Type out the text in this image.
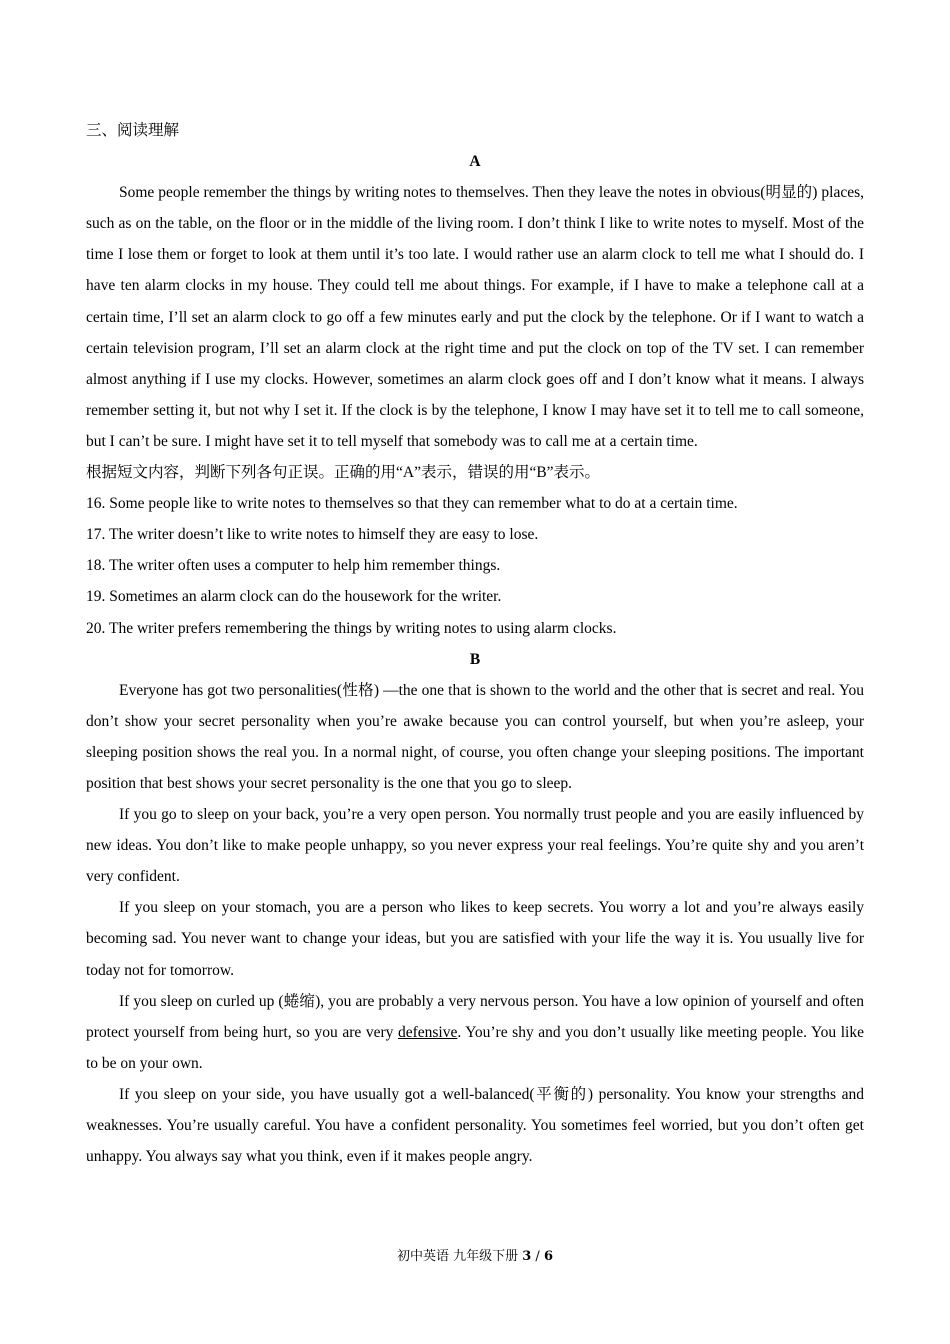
三、阅读理解
A

Some people remember the things by writing notes to themselves. Then they leave the notes in obvious(明显的) places, such as on the table, on the floor or in the middle of the living room. I don’t think I like to write notes to myself. Most of the time I lose them or forget to look at them until it’s too late. I would rather use an alarm clock to tell me what I should do. I have ten alarm clocks in my house. They could tell me about things. For example, if I have to make a telephone call at a certain time, I’ll set an alarm clock to go off a few minutes early and put the clock by the telephone. Or if I want to watch a certain television program, I’ll set an alarm clock at the right time and put the clock on top of the TV set. I can remember almost anything if I use my clocks. However, sometimes an alarm clock goes off and I don’t know what it means. I always remember setting it, but not why I set it. If the clock is by the telephone, I know I may have set it to tell me to call someone, but I can’t be sure. I might have set it to tell myself that somebody was to call me at a certain time.

根据短文内容，判断下列各句正误。正确的用“A”表示，错误的用“B”表示。

16. Some people like to write notes to themselves so that they can remember what to do at a certain time.

17. The writer doesn’t like to write notes to himself they are easy to lose.

18. The writer often uses a computer to help him remember things.

19. Sometimes an alarm clock can do the housework for the writer.

20. The writer prefers remembering the things by writing notes to using alarm clocks.

B

Everyone has got two personalities(性格) —the one that is shown to the world and the other that is secret and real. You don’t show your secret personality when you’re awake because you can control yourself, but when you’re asleep, your sleeping position shows the real you. In a normal night, of course, you often change your sleeping positions. The important position that best shows your secret personality is the one that you go to sleep.

If you go to sleep on your back, you’re a very open person. You normally trust people and you are easily influenced by new ideas. You don’t like to make people unhappy, so you never express your real feelings. You’re quite shy and you aren’t very confident.

If you sleep on your stomach, you are a person who likes to keep secrets. You worry a lot and you’re always easily becoming sad. You never want to change your ideas, but you are satisfied with your life the way it is. You usually live for today not for tomorrow.

If you sleep on curled up (蜷缩), you are probably a very nervous person. You have a low opinion of yourself and often protect yourself from being hurt, so you are very defensive. You’re shy and you don’t usually like meeting people. You like to be on your own.

If you sleep on your side, you have usually got a well-balanced(平衡的) personality. You know your strengths and weaknesses. You’re usually careful. You have a confident personality. You sometimes feel worried, but you don’t often get unhappy. You always say what you think, even if it makes people angry.

初中英语 九年级下册 3 / 6
